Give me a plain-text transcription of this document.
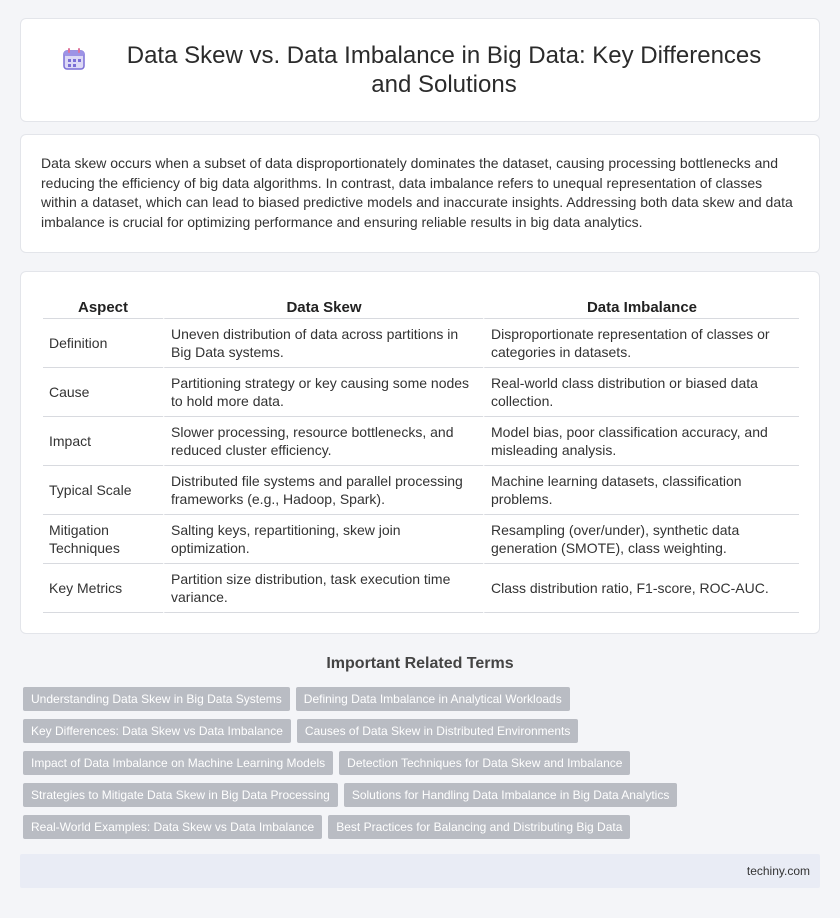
Data Skew vs. Data Imbalance in Big Data: Key Differences and Solutions

Data skew occurs when a subset of data disproportionately dominates the dataset, causing processing bottlenecks and reducing the efficiency of big data algorithms. In contrast, data imbalance refers to unequal representation of classes within a dataset, which can lead to biased predictive models and inaccurate insights. Addressing both data skew and data imbalance is crucial for optimizing performance and ensuring reliable results in big data analytics.

Aspect	Data Skew	Data Imbalance
Definition	Uneven distribution of data across partitions in Big Data systems.	Disproportionate representation of classes or categories in datasets.
Cause	Partitioning strategy or key causing some nodes to hold more data.	Real-world class distribution or biased data collection.
Impact	Slower processing, resource bottlenecks, and reduced cluster efficiency.	Model bias, poor classification accuracy, and misleading analysis.
Typical Scale	Distributed file systems and parallel processing frameworks (e.g., Hadoop, Spark).	Machine learning datasets, classification problems.
Mitigation Techniques	Salting keys, repartitioning, skew join optimization.	Resampling (over/under), synthetic data generation (SMOTE), class weighting.
Key Metrics	Partition size distribution, task execution time variance.	Class distribution ratio, F1-score, ROC-AUC.
Important Related Terms
Understanding Data Skew in Big Data Systems	Defining Data Imbalance in Analytical Workloads
Key Differences: Data Skew vs Data Imbalance	Causes of Data Skew in Distributed Environments
Impact of Data Imbalance on Machine Learning Models	Detection Techniques for Data Skew and Imbalance
Strategies to Mitigate Data Skew in Big Data Processing	Solutions for Handling Data Imbalance in Big Data Analytics
Real-World Examples: Data Skew vs Data Imbalance	Best Practices for Balancing and Distributing Big Data
techiny.com
